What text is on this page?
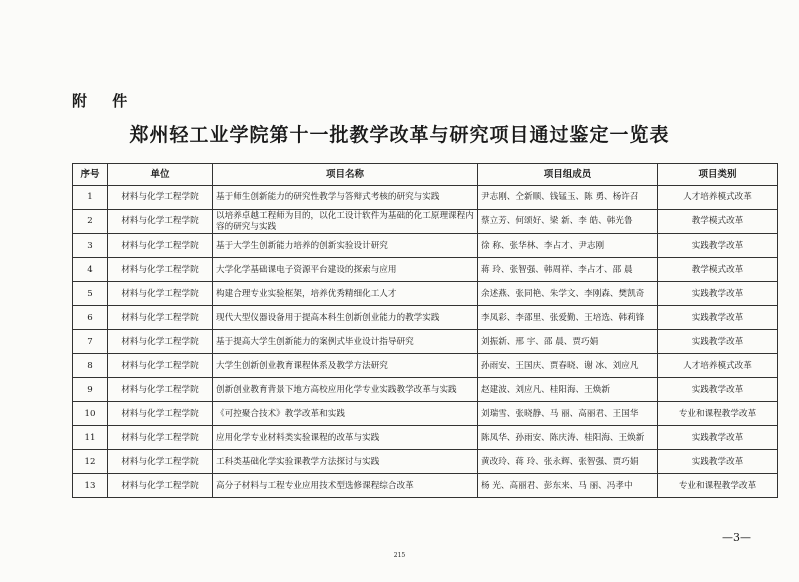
附 件
郑州轻工业学院第十一批教学改革与研究项目通过鉴定一览表
序号	单位	项目名称	项目组成员	项目类别
1	材料与化学工程学院	基于师生创新能力的研究性教学与答辩式考核的研究与实践	尹志刚、仝新顺、钱锰玉、陈 勇、杨许召	人才培养模式改革
2	材料与化学工程学院	以培养卓越工程师为目的，以化工设计软件为基础的化工原理课程内容的研究与实践	蔡立芳、何颂好、梁 新、李 皓、韩光鲁	教学模式改革
3	材料与化学工程学院	基于大学生创新能力培养的创新实验设计研究	徐 称、张华林、李占才、尹志刚	实践教学改革
4	材料与化学工程学院	大学化学基础课电子资源平台建设的探索与应用	蒋 玲、张智强、韩周祥、李占才、邵 晨	教学模式改革
5	材料与化学工程学院	构建合理专业实验框架，培养优秀精细化工人才	余述燕、张同艳、朱学文、李刚森、樊凯奇	实践教学改革
6	材料与化学工程学院	现代大型仪器设备用于提高本科生创新创业能力的教学实践	李凤彩、李邵里、张爱勤、王培选、韩莉锋	实践教学改革
7	材料与化学工程学院	基于提高大学生创新能力的案例式毕业设计指导研究	刘振新、邢 宇、邵 晨、贾巧娟	实践教学改革
8	材料与化学工程学院	大学生创新创业教育课程体系及教学方法研究	孙雨安、王国庆、贾春晓、谢 冰、刘应凡	人才培养模式改革
9	材料与化学工程学院	创新创业教育背景下地方高校应用化学专业实践教学改革与实践	赵建波、刘应凡、桂阳海、王焕新	实践教学改革
10	材料与化学工程学院	《可控聚合技术》教学改革和实践	刘瑞雪、张晓静、马 丽、高丽君、王国华	专业和课程教学改革
11	材料与化学工程学院	应用化学专业材料类实验课程的改革与实践	陈凤华、孙雨安、陈庆涛、桂阳海、王焕新	实践教学改革
12	材料与化学工程学院	工科类基础化学实验课教学方法探讨与实践	黄改玲、蒋 玲、张永辉、张智强、贾巧娟	实践教学改革
13	材料与化学工程学院	高分子材料与工程专业应用技术型选修课程综合改革	杨 光、高丽君、彭东来、马 丽、冯孝中	专业和课程教学改革
—3—
215
